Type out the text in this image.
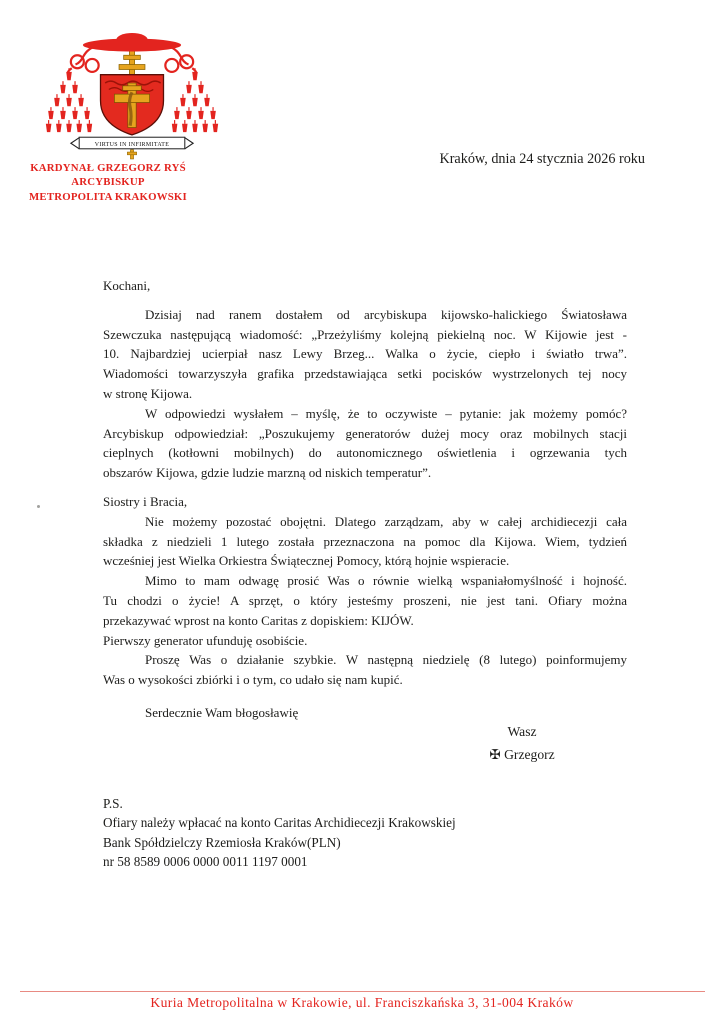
VIRTUS IN INFIRMITATE
KARDYNAŁ GRZEGORZ RYŚ
ARCYBISKUP
METROPOLITA KRAKOWSKI
Kraków, dnia 24 stycznia 2026 roku
Kochani,
Dzisiaj nad ranem dostałem od arcybiskupa kijowsko-halickiego Światosława
Szewczuka następującą wiadomość: „Przeżyliśmy kolejną piekielną noc. W Kijowie jest -
10. Najbardziej ucierpiał nasz Lewy Brzeg... Walka o życie, ciepło i światło trwa”.
Wiadomości towarzyszyła grafika przedstawiająca setki pocisków wystrzelonych tej nocy
w stronę Kijowa.
W odpowiedzi wysłałem – myślę, że to oczywiste – pytanie: jak możemy pomóc?
Arcybiskup odpowiedział: „Poszukujemy generatorów dużej mocy oraz mobilnych stacji
cieplnych (kotłowni mobilnych) do autonomicznego oświetlenia i ogrzewania tych
obszarów Kijowa, gdzie ludzie marzną od niskich temperatur”.
Siostry i Bracia,
Nie możemy pozostać obojętni. Dlatego zarządzam, aby w całej archidiecezji cała
składka z niedzieli 1 lutego została przeznaczona na pomoc dla Kijowa. Wiem, tydzień
wcześniej jest Wielka Orkiestra Świątecznej Pomocy, którą hojnie wspieracie.
Mimo to mam odwagę prosić Was o równie wielką wspaniałomyślność i hojność.
Tu chodzi o życie! A sprzęt, o który jesteśmy proszeni, nie jest tani. Ofiary można
przekazywać wprost na konto Caritas z dopiskiem: KIJÓW.
Pierwszy generator ufunduję osobiście.
Proszę Was o działanie szybkie. W następną niedzielę (8 lutego) poinformujemy
Was o wysokości zbiórki i o tym, co udało się nam kupić.
Serdecznie Wam błogosławię
Wasz
✠ Grzegorz
P.S.
Ofiary należy wpłacać na konto Caritas Archidiecezji Krakowskiej
Bank Spółdzielczy Rzemiosła Kraków(PLN)
nr 58 8589 0006 0000 0011 1197 0001
Kuria Metropolitalna w Krakowie, ul. Franciszkańska 3, 31-004 Kraków
